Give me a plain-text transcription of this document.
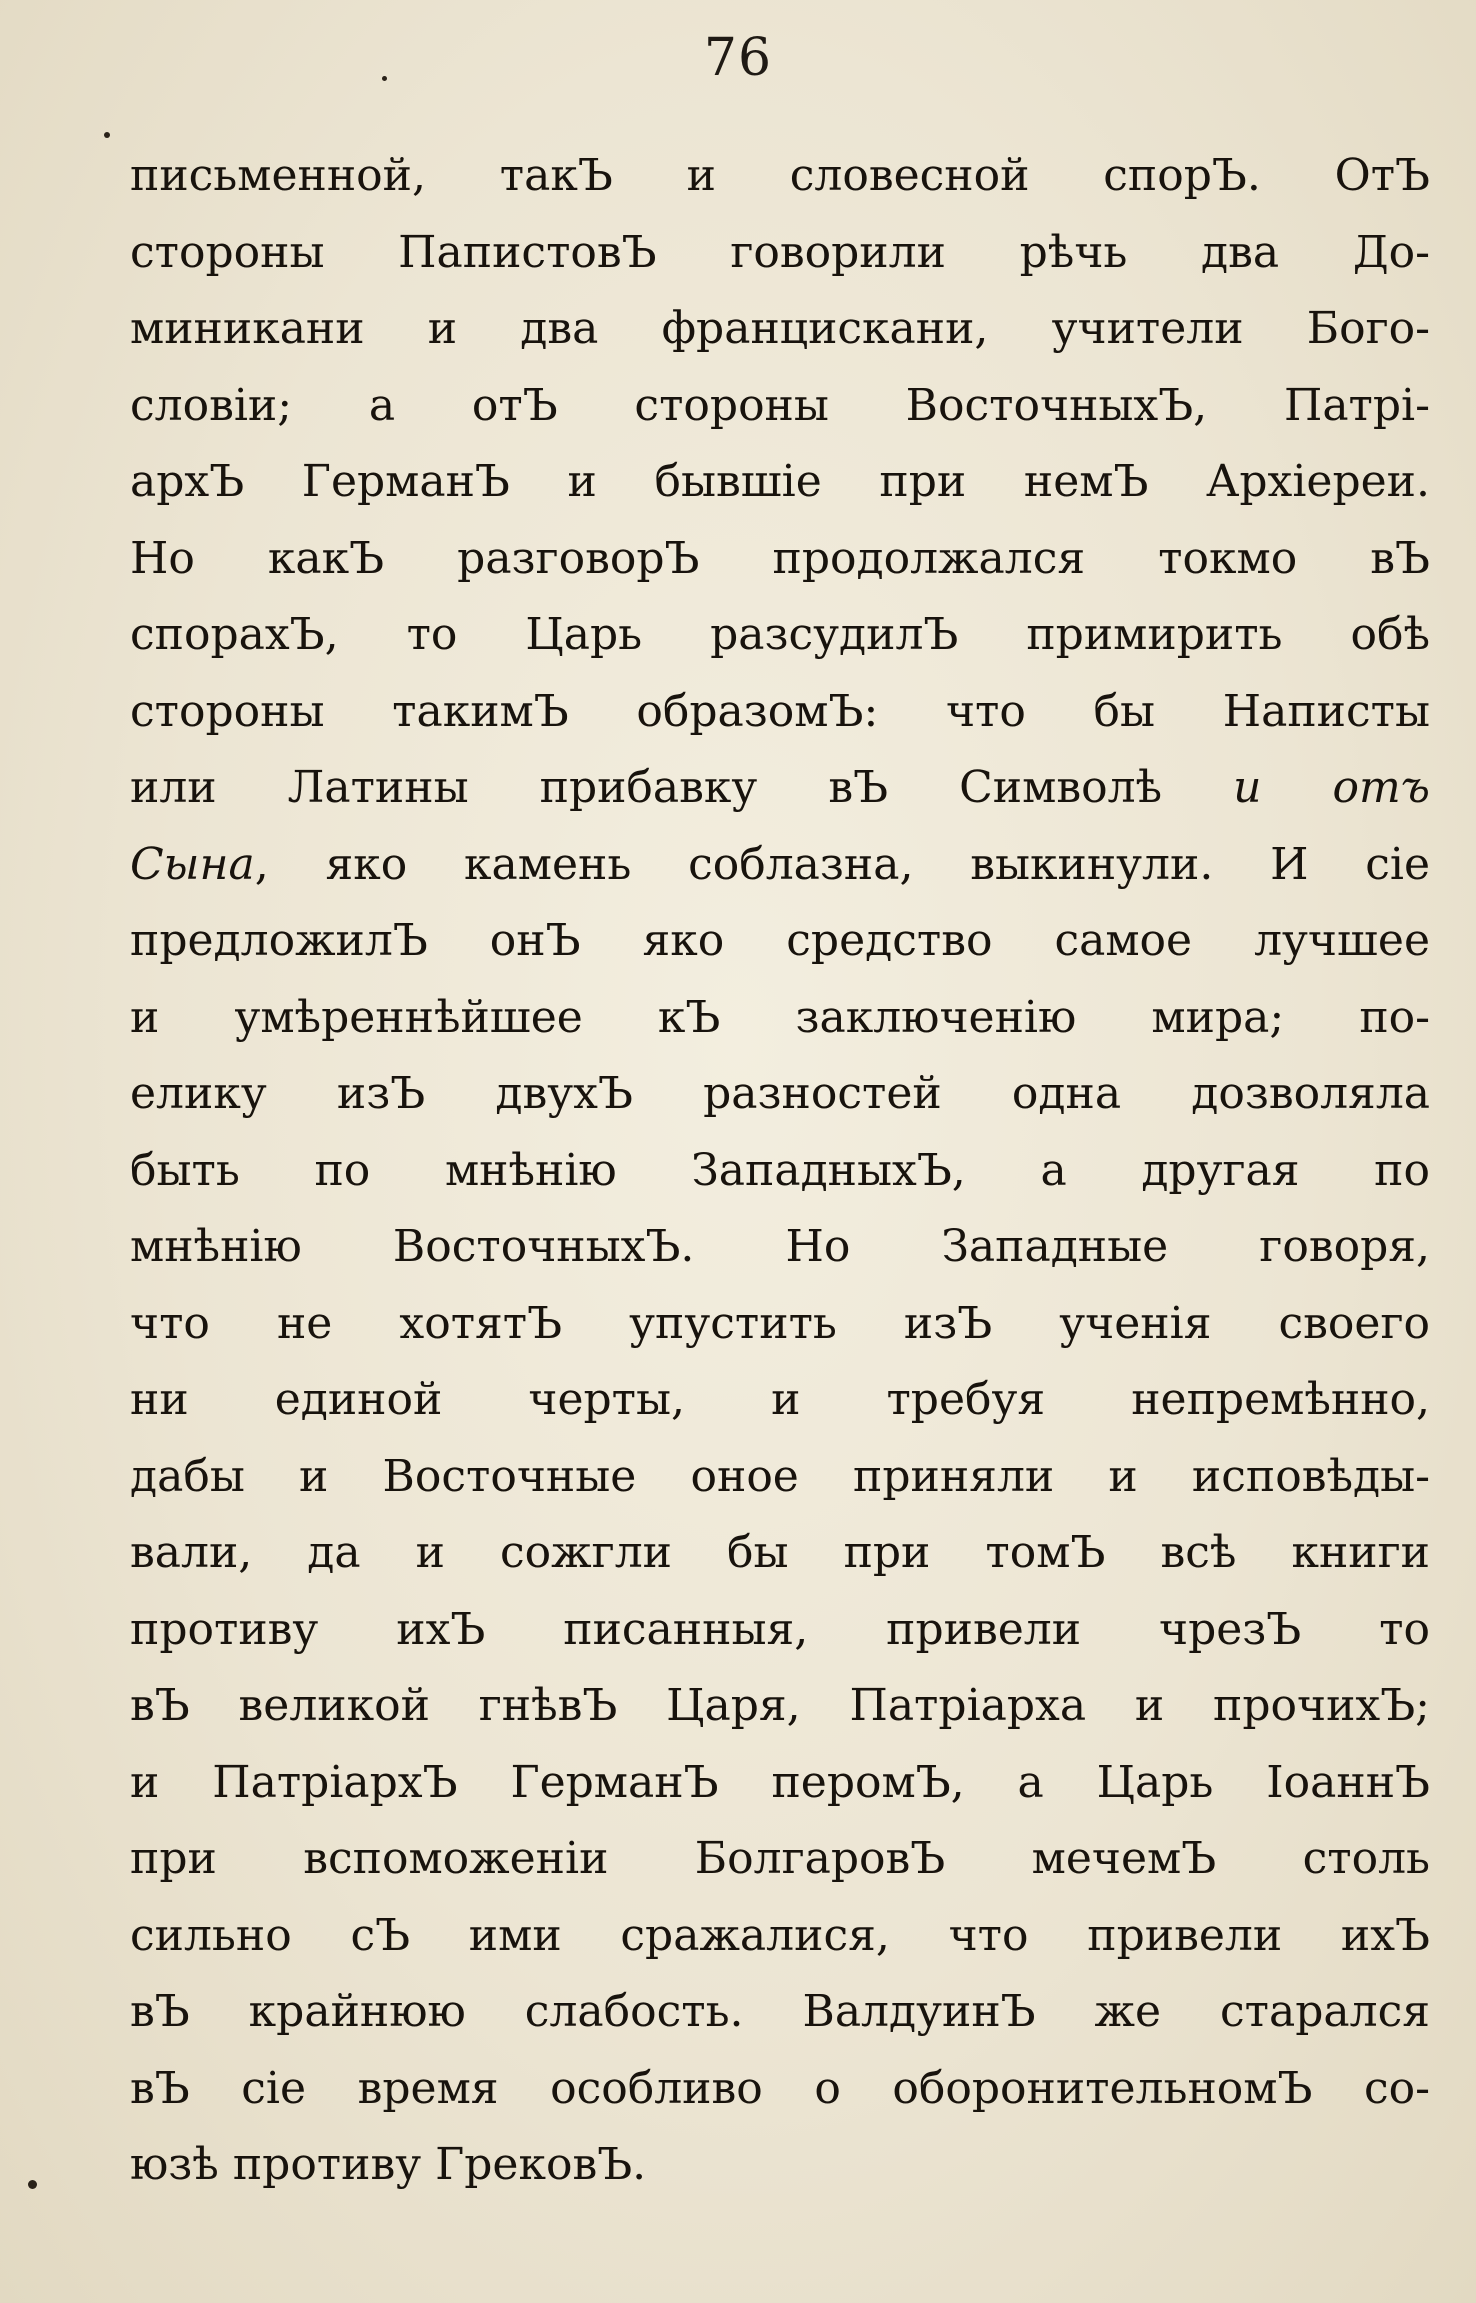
76
письменной, такЪ и словесной спорЪ. ОтЪ
стороны ПапистовЪ говорили рѣчь два До-
миникани и два францискани, учители Бого-
словіи; а отЪ стороны ВосточныхЪ, Патрі-
архЪ ГерманЪ и бывшіе при немЪ Архіереи.
Но какЪ разговорЪ продолжался токмо вЪ
спорахЪ, то Царь разсудилЪ примирить обѣ
стороны такимЪ образомЪ: что бы Написты
или Латины прибавку вЪ Символѣ и отъ
Сына, яко камень соблазна, выкинули. И сіе
предложилЪ онЪ яко средство самое лучшее
и умѣреннѣйшее кЪ заключенію мира; по-
елику изЪ двухЪ разностей одна дозволяла
быть по мнѣнію ЗападныхЪ, а другая по
мнѣнію ВосточныхЪ. Но Западные говоря,
что не хотятЪ упустить изЪ ученія своего
ни единой черты, и требуя непремѣнно,
дабы и Восточные оное приняли и исповѣды-
вали, да и сожгли бы при томЪ всѣ книги
противу ихЪ писанныя, привели чрезЪ то
вЪ великой гнѣвЪ Царя, Патріарха и прочихЪ;
и ПатріархЪ ГерманЪ перомЪ, а Царь ІоаннЪ
при вспоможеніи БолгаровЪ мечемЪ столь
сильно сЪ ими сражалися, что привели ихЪ
вЪ крайнюю слабость. ВалдуинЪ же старался
вЪ сіе время особливо о оборонительномЪ со-
юзѣ противу ГрековЪ.
